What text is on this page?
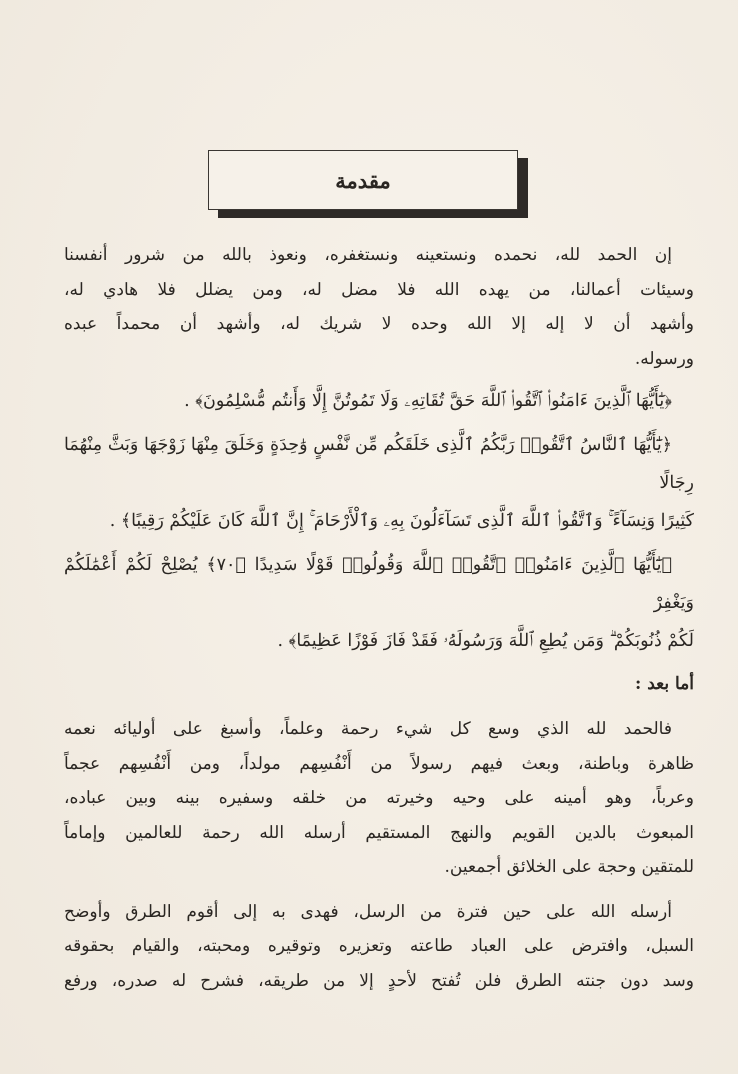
مقدمة
إن الحمد لله، نحمده ونستعينه ونستغفره، ونعوذ بالله من شرور أنفسنا
وسيئات أعمالنا، من يهده الله فلا مضل له، ومن يضلل فلا هادي له،
وأشهد أن لا إله إلا الله وحده لا شريك له، وأشهد أن محمداً عبده
ورسوله.
﴿يَٰٓأَيُّهَا ٱلَّذِينَ ءَامَنُوا۟ ٱتَّقُوا۟ ٱللَّهَ حَقَّ تُقَاتِهِۦ وَلَا تَمُوتُنَّ إِلَّا وَأَنتُم مُّسْلِمُونَ﴾ .
﴿يَٰٓأَيُّهَا ٱلنَّاسُ ٱتَّقُوا۟ رَبَّكُمُ ٱلَّذِى خَلَقَكُم مِّن نَّفْسٍ وَٰحِدَةٍ وَخَلَقَ مِنْهَا زَوْجَهَا وَبَثَّ مِنْهُمَا رِجَالًا
كَثِيرًا وَنِسَآءً ۚ وَٱتَّقُوا۟ ٱللَّهَ ٱلَّذِى تَسَآءَلُونَ بِهِۦ وَٱلْأَرْحَامَ ۚ إِنَّ ٱللَّهَ كَانَ عَلَيْكُمْ رَقِيبًا﴾ .
﴿يَٰٓأَيُّهَا ٱلَّذِينَ ءَامَنُوا۟ ٱتَّقُوا۟ ٱللَّهَ وَقُولُوا۟ قَوْلًا سَدِيدًا ﴿٧٠﴾ يُصْلِحْ لَكُمْ أَعْمَٰلَكُمْ وَيَغْفِرْ
لَكُمْ ذُنُوبَكُمْ ۗ وَمَن يُطِعِ ٱللَّهَ وَرَسُولَهُۥ فَقَدْ فَازَ فَوْزًا عَظِيمًا﴾ .
أما بعد :
فالحمد لله الذي وسع كل شيء رحمة وعلماً، وأسبغ على أوليائه نعمه
ظاهرة وباطنة، وبعث فيهم رسولاً من أَنْفُسِهم مولداً، ومن أَنْفُسِهم عجماً
وعرباً، وهو أمينه على وحيه وخيرته من خلقه وسفيره بينه وبين عباده،
المبعوث بالدين القويم والنهج المستقيم أرسله الله رحمة للعالمين وإماماً
للمتقين وحجة على الخلائق أجمعين.
أرسله الله على حين فترة من الرسل، فهدى به إلى أقوم الطرق وأوضح
السبل، وافترض على العباد طاعته وتعزيره وتوقيره ومحبته، والقيام بحقوقه
وسد دون جنته الطرق فلن تُفتح لأحدٍ إلا من طريقه، فشرح له صدره، ورفع
